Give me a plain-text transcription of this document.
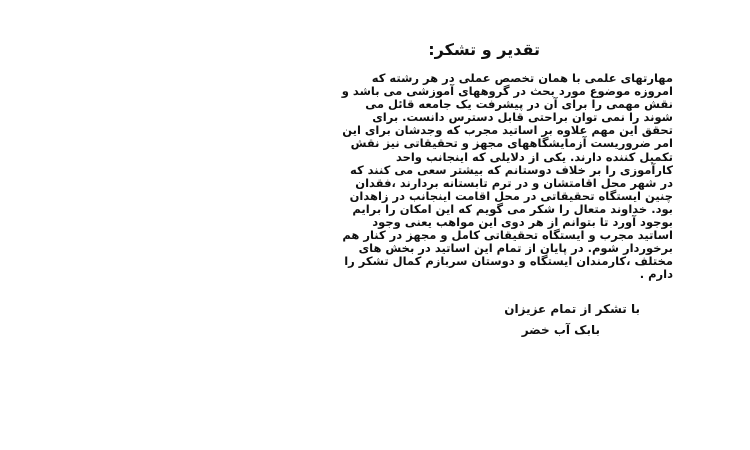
تقدیر و تشکر:
مهارتهای علمی با همان تخصص عملی در هر رشته که
امروزه موضوع مورد بحث در گروههای آموزشی می باشد و
نقش مهمی را برای آن در پیشرفت یک جامعه قائل می
شوند را نمی توان براحتی قابل دسترس دانست. برای
تحقق این مهم علاوه بر اساتید مجرب که وجدشان برای این
امر ضروریست آزمایشگاههای مجهز و تحقیقاتی نیز نقش
تکمیل کننده دارند. یکی از دلایلی که اینجانب واحد
کارآموزی را بر خلاف دوستانم که بیشتر سعی می کنند که
در شهر محل اقامتشان و در ترم تابستانه بردارند ،فقدان
چنین ایستگاه تحقیقاتی در محل اقامت اینجانب در زاهدان
بود. خداوند متعال را شکر می گویم که این امکان را برایم
بوجود آورد تا بتوانم از هر دوی این مواهب یعنی وجود
اساتید مجرب و ایستگاه تحقیقاتی کامل و مجهز در کنار هم
برخوردار شوم. در پایان از تمام این اساتید در بخش های
مختلف ،کارمندان ایستگاه و دوستان سربازم کمال تشکر را
دارم .
با تشکر از تمام عزیزان
بابک آب خضر
